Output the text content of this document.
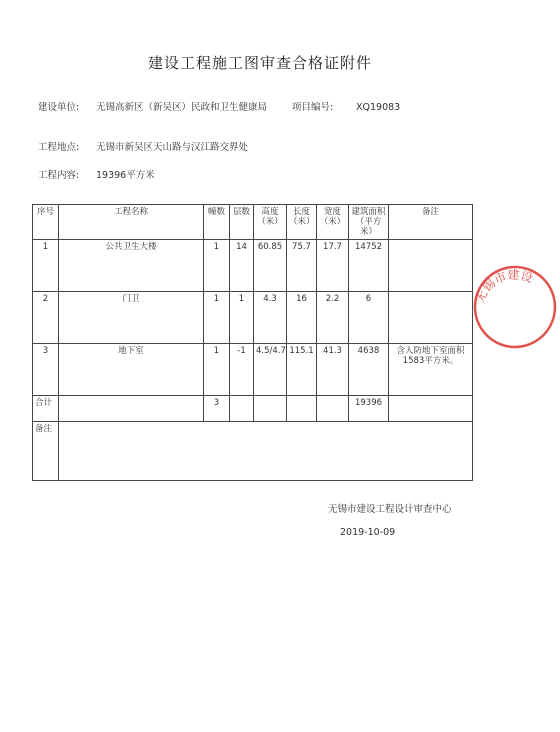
建设工程施工图审查合格证附件
建设单位: 无锡高新区（新吴区）民政和卫生健康局	项目编号: XQ19083
工程地点: 无锡市新吴区天山路与汉江路交界处
工程内容: 19396平方米
序号	工程名称	幢数	层数	高度（米）	长度（米）	宽度（米）	建筑面积（平方米）	备注
1	公共卫生大楼	1	14	60.85	75.7	17.7	14752	
2	门卫	1	1	4.3	16	2.2	6	
3	地下室	1	-1	4.5/4.7	115.1	41.3	4638	含人防地下室面积1583平方米。
合计		3					19396	
备注								
无锡市建设工程设计审查中心
2019-10-09
无锡市建设
